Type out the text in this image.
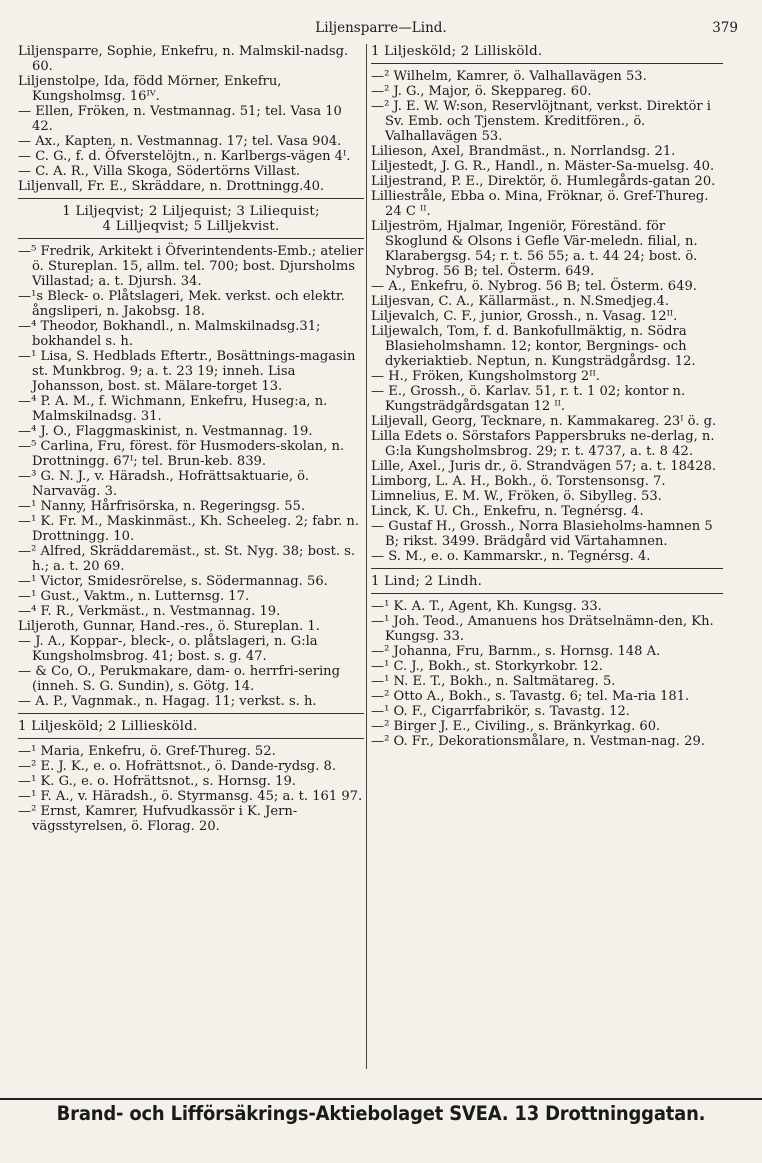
Liljensparre—Lind.	379
Liljensparre, Sophie, Enkefru, n. Malmskil-nadsg. 60.
Liljenstolpe, Ida, född Mörner, Enkefru, Kungsholmsg. 16ᴵⱽ.
— Ellen, Fröken, n. Vestmannag. 51; tel. Vasa 10 42.
— Ax., Kapten, n. Vestmannag. 17; tel. Vasa 904.
— C. G., f. d. Öfverstelöjtn., n. Karlbergs-vägen 4ᴵ.
— C. A. R., Villa Skoga, Södertörns Villast.
Liljenvall, Fr. E., Skräddare, n. Drottningg.40.
1 Liljeqvist; 2 Liljequist; 3 Liliequist;
4 Lilljeqvist; 5 Lilljekvist.
—⁵ Fredrik, Arkitekt i Öfverintendents-Emb.; atelier ö. Stureplan. 15, allm. tel. 700; bost. Djursholms Villastad; a. t. Djursh. 34.
—¹s Bleck- o. Plåtslageri, Mek. verkst. och elektr. ångsliperi, n. Jakobsg. 18.
—⁴ Theodor, Bokhandl., n. Malmskilnadsg.31; bokhandel s. h.
—¹ Lisa, S. Hedblads Eftertr., Bosättnings-magasin st. Munkbrog. 9; a. t. 23 19; inneh. Lisa Johansson, bost. st. Mälare-torget 13.
—⁴ P. A. M., f. Wichmann, Enkefru, Huseg:a, n. Malmskilnadsg. 31.
—⁴ J. O., Flaggmaskinist, n. Vestmannag. 19.
—⁵ Carlina, Fru, förest. för Husmoders-skolan, n. Drottningg. 67ᴵ; tel. Brun-keb. 839.
—³ G. N. J., v. Häradsh., Hofrättsaktuarie, ö. Narvaväg. 3.
—¹ Nanny, Hårfrisörska, n. Regeringsg. 55.
—¹ K. Fr. M., Maskinmäst., Kh. Scheeleg. 2; fabr. n. Drottningg. 10.
—² Alfred, Skräddaremäst., st. St. Nyg. 38; bost. s. h.; a. t. 20 69.
—¹ Victor, Smidesrörelse, s. Södermannag. 56.
—¹ Gust., Vaktm., n. Lutternsg. 17.
—⁴ F. R., Verkmäst., n. Vestmannag. 19.
Liljeroth, Gunnar, Hand.-res., ö. Stureplan. 1.
— J. A., Koppar-, bleck-, o. plåtslageri, n. G:la Kungsholmsbrog. 41; bost. s. g. 47.
— & Co, O., Perukmakare, dam- o. herrfri-sering (inneh. S. G. Sundin), s. Götg. 14.
— A. P., Vagnmak., n. Hagag. 11; verkst. s. h.
1 Liljesköld; 2 Lilliesköld.
—¹ Maria, Enkefru, ö. Gref-Thureg. 52.
—² E. J. K., e. o. Hofrättsnot., ö. Dande-rydsg. 8.
—¹ K. G., e. o. Hofrättsnot., s. Hornsg. 19.
—¹ F. A., v. Häradsh., ö. Styrmansg. 45; a. t. 161 97.
—² Ernst, Kamrer, Hufvudkassör i K. Jern-vägsstyrelsen, ö. Florag. 20.
1 Liljesköld; 2 Lillisköld.
—² Wilhelm, Kamrer, ö. Valhallavägen 53.
—² J. G., Major, ö. Skeppareg. 60.
—² J. E. W. W:son, Reservlöjtnant, verkst. Direktör i Sv. Emb. och Tjenstem. Kreditfören., ö. Valhallavägen 53.
Lilieson, Axel, Brandmäst., n. Norrlandsg. 21.
Liljestedt, J. G. R., Handl., n. Mäster-Sa-muelsg. 40.
Liljestrand, P. E., Direktör, ö. Humlegårds-gatan 20.
Lilliestråle, Ebba o. Mina, Fröknar, ö. Gref-Thureg. 24 C ᴵᴵ.
Liljeström, Hjalmar, Ingeniör, Föreständ. för Skoglund & Olsons i Gefle Vär-meledn. filial, n. Klarabergsg. 54; r. t. 56 55; a. t. 44 24; bost. ö. Nybrog. 56 B; tel. Österm. 649.
— A., Enkefru, ö. Nybrog. 56 B; tel. Österm. 649.
Liljesvan, C. A., Källarmäst., n. N.Smedjeg.4.
Liljevalch, C. F., junior, Grossh., n. Vasag. 12ᴵᴵ.
Liljewalch, Tom, f. d. Bankofullmäktig, n. Södra Blasieholmshamn. 12; kontor, Bergnings- och dykeriaktieb. Neptun, n. Kungsträdgårdsg. 12.
— H., Fröken, Kungsholmstorg 2ᴵᴵ.
— E., Grossh., ö. Karlav. 51, r. t. 1 02; kontor n. Kungsträdgårdsgatan 12 ᴵᴵ.
Liljevall, Georg, Tecknare, n. Kammakareg. 23ᴵ ö. g.
Lilla Edets o. Sörstafors Pappersbruks ne-derlag, n. G:la Kungsholmsbrog. 29; r. t. 4737, a. t. 8 42.
Lille, Axel., Juris dr., ö. Strandvägen 57; a. t. 18428.
Limborg, L. A. H., Bokh., ö. Torstensonsg. 7.
Limnelius, E. M. W., Fröken, ö. Sibylleg. 53.
Linck, K. U. Ch., Enkefru, n. Tegnérsg. 4.
— Gustaf H., Grossh., Norra Blasieholms-hamnen 5 B; rikst. 3499. Brädgård vid Värtahamnen.
— S. M., e. o. Kammarskr., n. Tegnérsg. 4.
1 Lind; 2 Lindh.
—¹ K. A. T., Agent, Kh. Kungsg. 33.
—¹ Joh. Teod., Amanuens hos Drätselnämn-den, Kh. Kungsg. 33.
—² Johanna, Fru, Barnm., s. Hornsg. 148 A.
—¹ C. J., Bokh., st. Storkyrkobr. 12.
—¹ N. E. T., Bokh., n. Saltmätareg. 5.
—² Otto A., Bokh., s. Tavastg. 6; tel. Ma-ria 181.
—¹ O. F., Cigarrfabrikör, s. Tavastg. 12.
—² Birger J. E., Civiling., s. Bränkyrkag. 60.
—² O. Fr., Dekorationsmålare, n. Vestman-nag. 29.
Brand- och Lifförsäkrings-Aktiebolaget SVEA. 13 Drottninggatan.
